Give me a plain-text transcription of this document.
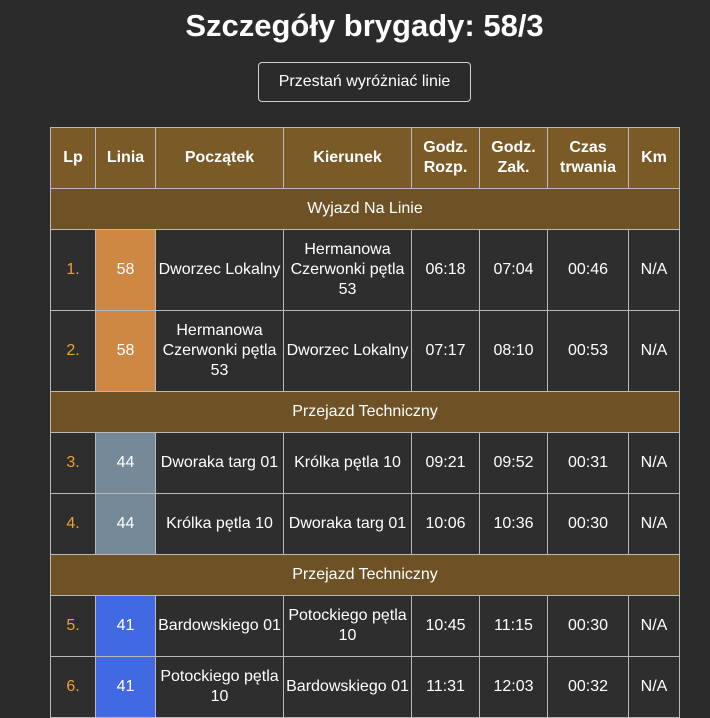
Szczegóły brygady: 58/3
Przestań wyróżniać linie
Lp	Linia	Początek	Kierunek	Godz. Rozp.	Godz. Zak.	Czas trwania	Km
Wyjazd Na Linie							
1.	58	Dworzec Lokalny	Hermanowa Czerwonki pętla 53	06:18	07:04	00:46	N/A
2.	58	Hermanowa Czerwonki pętla 53	Dworzec Lokalny	07:17	08:10	00:53	N/A
Przejazd Techniczny							
3.	44	Dworaka targ 01	Królka pętla 10	09:21	09:52	00:31	N/A
4.	44	Królka pętla 10	Dworaka targ 01	10:06	10:36	00:30	N/A
Przejazd Techniczny							
5.	41	Bardowskiego 01	Potockiego pętla 10	10:45	11:15	00:30	N/A
6.	41	Potockiego pętla 10	Bardowskiego 01	11:31	12:03	00:32	N/A
